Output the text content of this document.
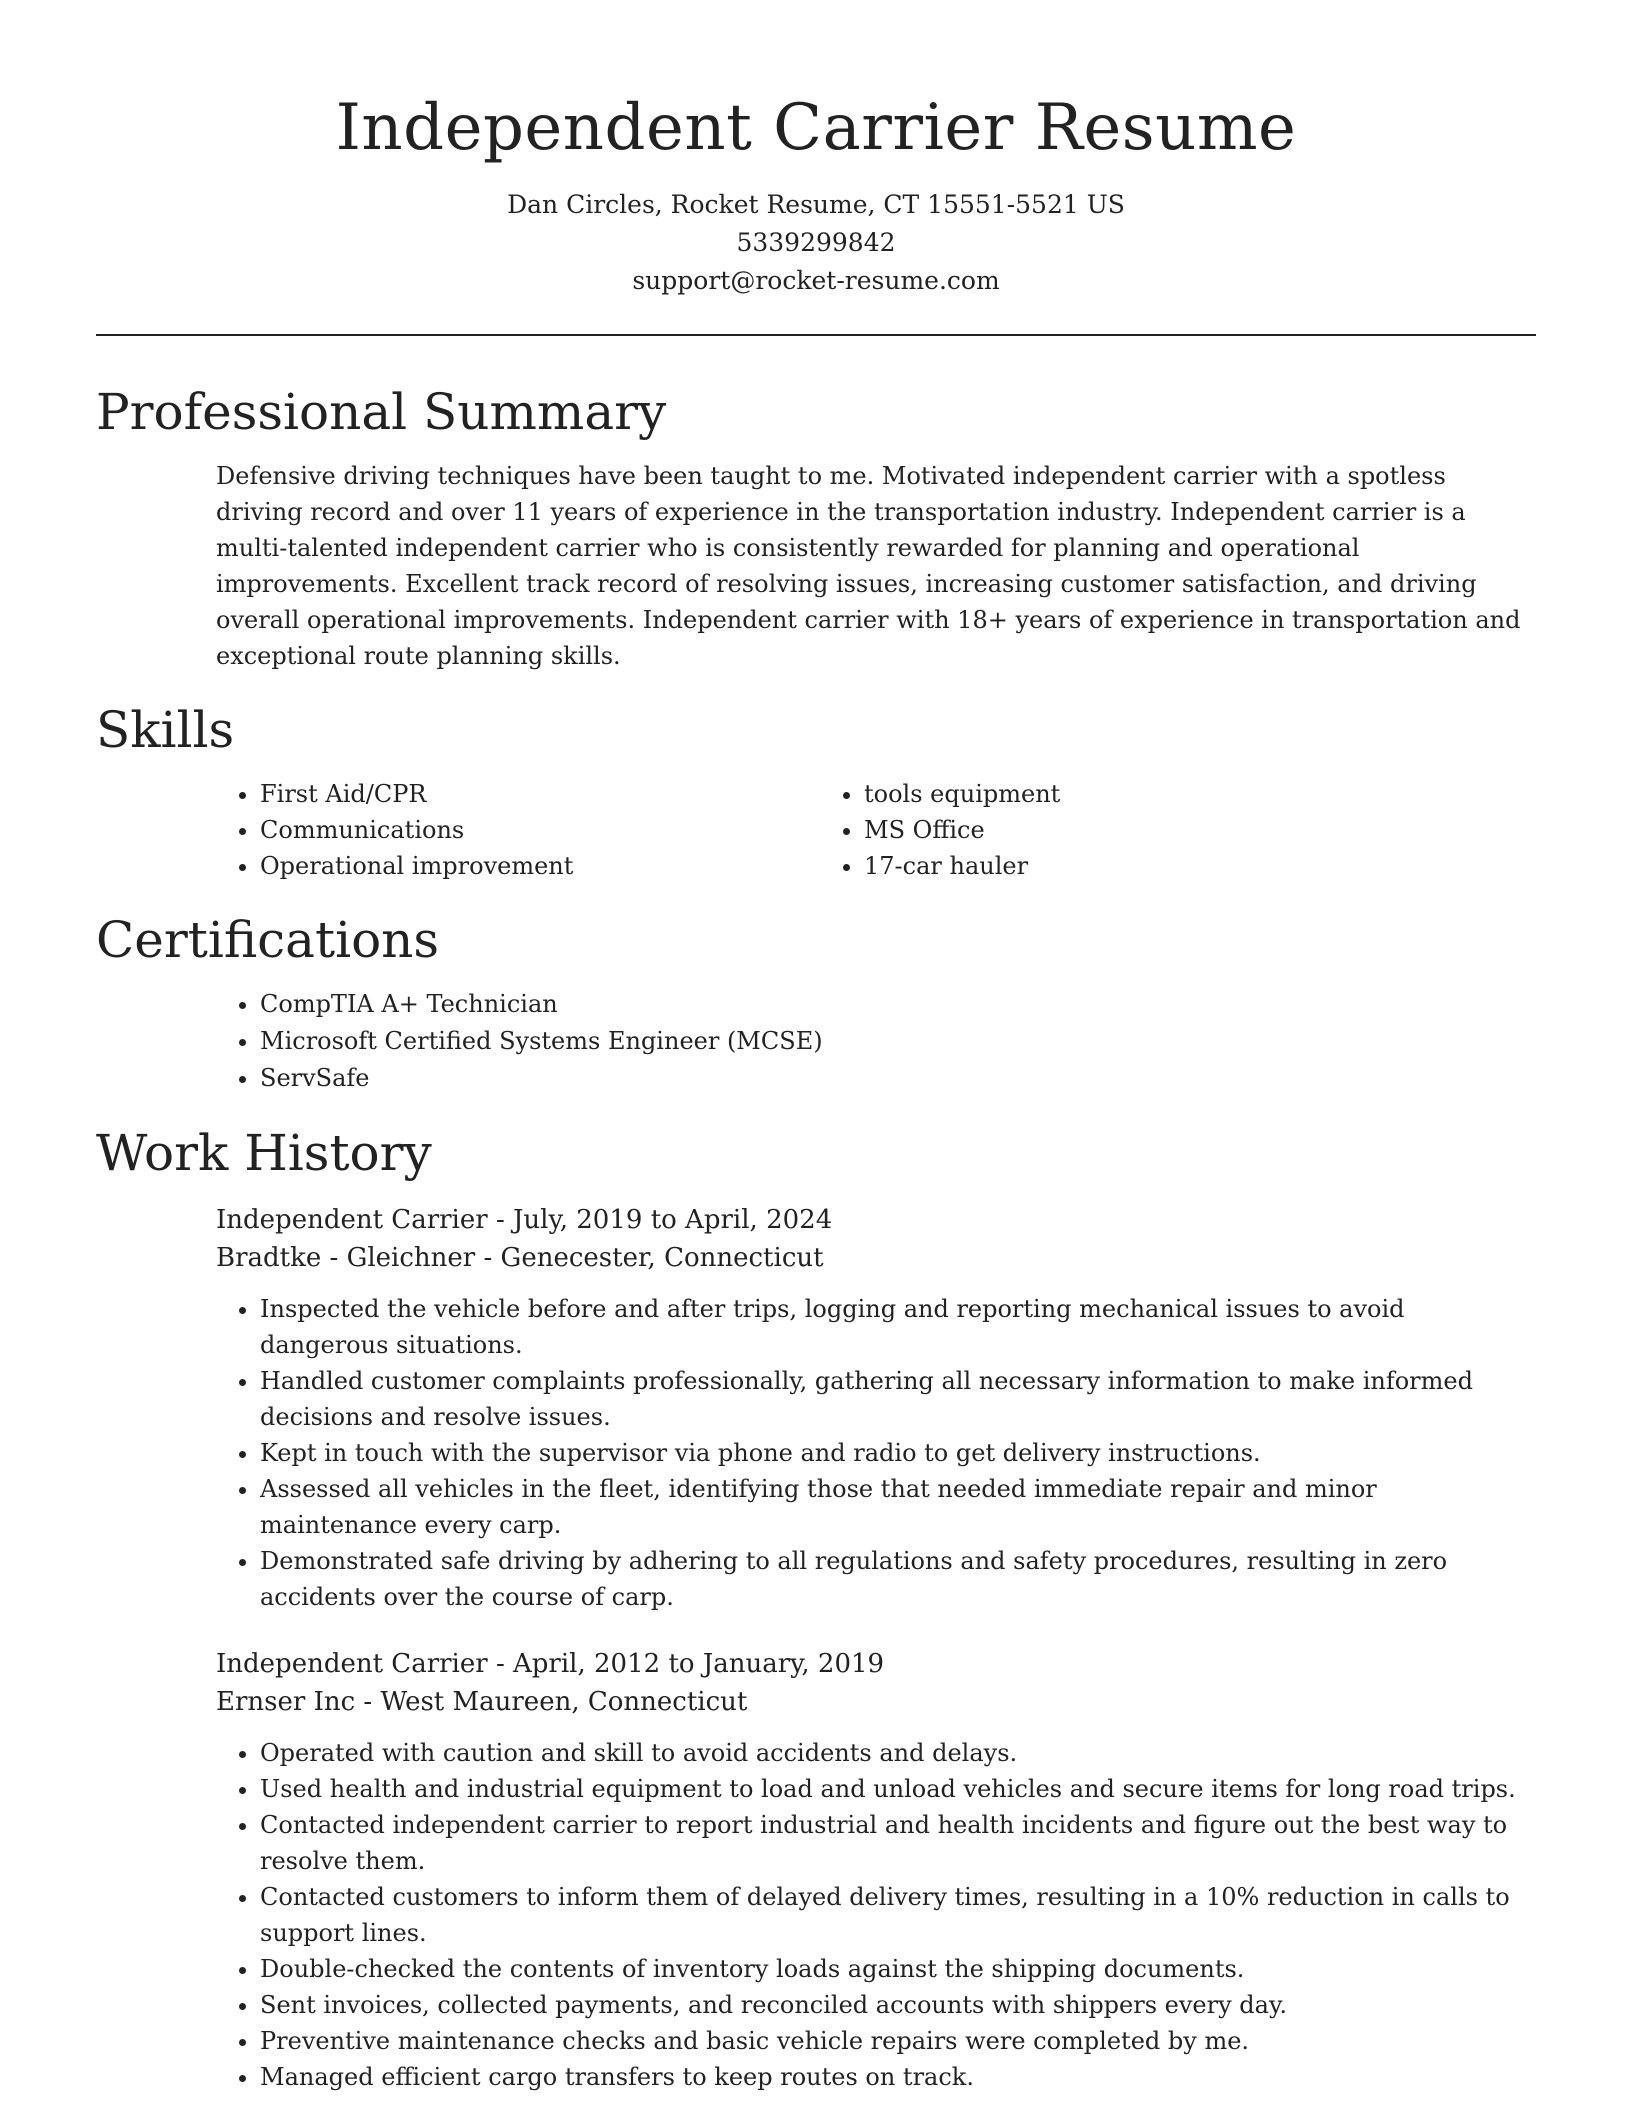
Independent Carrier Resume
Dan Circles, Rocket Resume, CT 15551-5521 US
5339299842
support@rocket-resume.com
Professional Summary

Defensive driving techniques have been taught to me. Motivated independent carrier with a spotless driving record and over 11 years of experience in the transportation industry. Independent carrier is a multi-talented independent carrier who is consistently rewarded for planning and operational improvements. Excellent track record of resolving issues, increasing customer satisfaction, and driving overall operational improvements. Independent carrier with 18+ years of experience in transportation and exceptional route planning skills.

Skills
• First Aid/CPR
• Communications
• Operational improvement
• tools equipment
• MS Office
• 17-car hauler
Certifications
• CompTIA A+ Technician
• Microsoft Certified Systems Engineer (MCSE)
• ServSafe
Work History
Independent Carrier - July, 2019 to April, 2024
Bradtke - Gleichner - Genecester, Connecticut
• Inspected the vehicle before and after trips, logging and reporting mechanical issues to avoid dangerous situations.
• Handled customer complaints professionally, gathering all necessary information to make informed decisions and resolve issues.
• Kept in touch with the supervisor via phone and radio to get delivery instructions.
• Assessed all vehicles in the fleet, identifying those that needed immediate repair and minor maintenance every carp.
• Demonstrated safe driving by adhering to all regulations and safety procedures, resulting in zero accidents over the course of carp.
Independent Carrier - April, 2012 to January, 2019
Ernser Inc - West Maureen, Connecticut
• Operated with caution and skill to avoid accidents and delays.
• Used health and industrial equipment to load and unload vehicles and secure items for long road trips.
• Contacted independent carrier to report industrial and health incidents and figure out the best way to resolve them.
• Contacted customers to inform them of delayed delivery times, resulting in a 10% reduction in calls to support lines.
• Double-checked the contents of inventory loads against the shipping documents.
• Sent invoices, collected payments, and reconciled accounts with shippers every day.
• Preventive maintenance checks and basic vehicle repairs were completed by me.
• Managed efficient cargo transfers to keep routes on track.
